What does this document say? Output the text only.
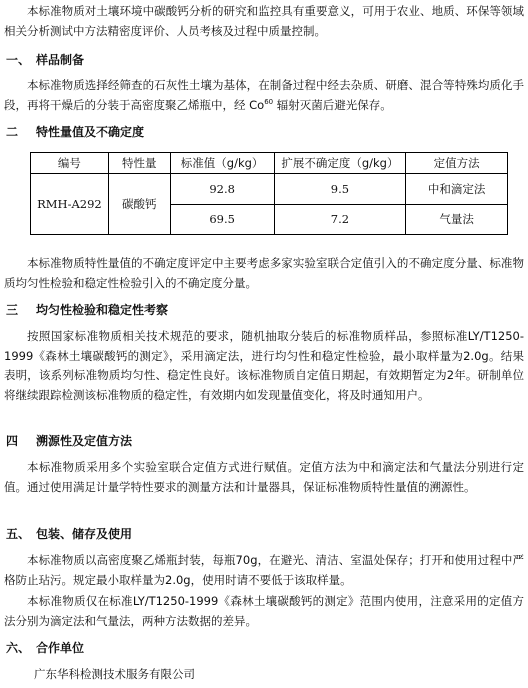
本标准物质对土壤环境中碳酸钙分析的研究和监控具有重要意义，可用于农业、地质、环保等领域相关分析测试中方法精密度评价、人员考核及过程中质量控制。

一、 样品制备

本标准物质选择经筛查的石灰性土壤为基体，在制备过程中经去杂质、研磨、混合等特殊均质化手段，再将干燥后的分装于高密度聚乙烯瓶中，经 Co$^{60}$ 辐射灭菌后避光保存。

二 特性量值及不确定度
编号	特性量	标准值（g/kg）	扩展不确定度（g/kg）	定值方法
RMH-A292	碳酸钙	92.8	9.5	中和滴定法
		69.5	7.2	气量法

本标准物质特性量值的不确定度评定中主要考虑多家实验室联合定值引入的不确定度分量、标准物质均匀性检验和稳定性检验引入的不确定度分量。

三 均匀性检验和稳定性考察

按照国家标准物质相关技术规范的要求，随机抽取分装后的标准物质样品，参照标准LY/T1250-1999《森林土壤碳酸钙的测定》，采用滴定法，进行均匀性和稳定性检验，最小取样量为2.0g。结果表明，该系列标准物质均匀性、稳定性良好。该标准物质自定值日期起，有效期暂定为2年。研制单位将继续跟踪检测该标准物质的稳定性，有效期内如发现量值变化，将及时通知用户。

四 溯源性及定值方法

本标准物质采用多个实验室联合定值方式进行赋值。定值方法为中和滴定法和气量法分别进行定值。通过使用满足计量学特性要求的测量方法和计量器具，保证标准物质特性量值的溯源性。

五、 包装、储存及使用

本标准物质以高密度聚乙烯瓶封装，每瓶70g，在避光、清洁、室温处保存；打开和使用过程中严格防止玷污。规定最小取样量为2.0g，使用时请不要低于该取样量。

本标准物质仅在标准LY/T1250-1999《森林土壤碳酸钙的测定》范围内使用，注意采用的定值方法分别为滴定法和气量法，两种方法数据的差异。

六、 合作单位
广东华科检测技术服务有限公司
